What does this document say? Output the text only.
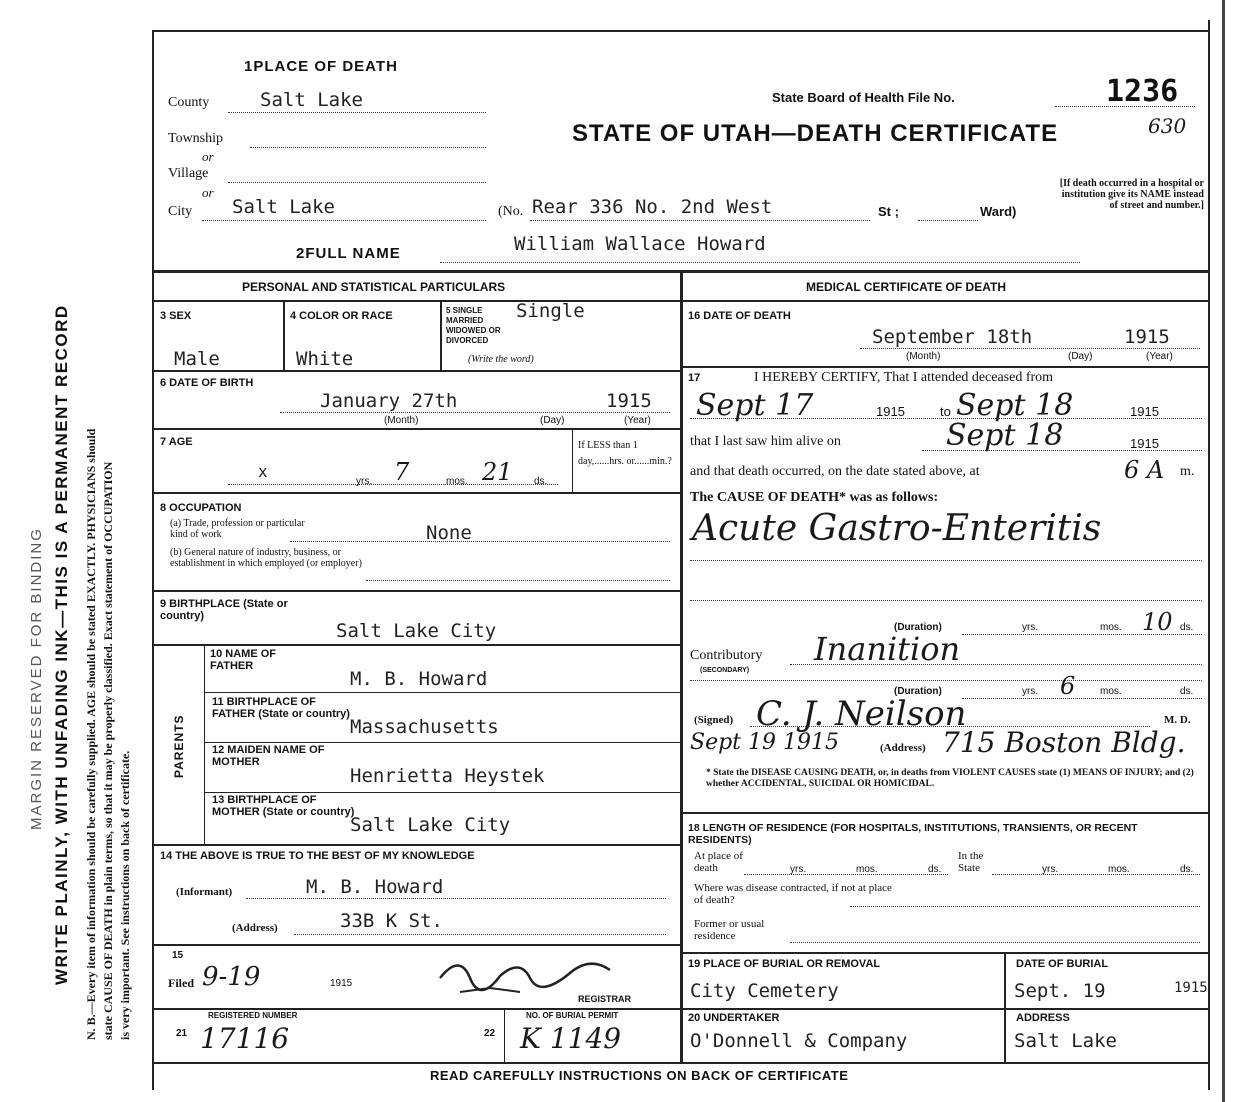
MARGIN RESERVED FOR BINDING WRITE PLAINLY, WITH UNFADING INK—THIS IS A PERMANENT RECORD N. B.—Every item of information should be carefully supplied. AGE should be stated EXACTLY. PHYSICIANS should state CAUSE OF DEATH in plain terms, so that it may be properly classified. Exact statement of OCCUPATION is very important. See instructions on back of certificate.
1PLACE OF DEATH
County	Salt Lake
Township
or
Village
or
City Salt Lake	(No. Rear 336 No. 2nd West	St ;	Ward)
State Board of Health File No.	1236
STATE OF UTAH—DEATH CERTIFICATE	630
[If death occurred in a hospital or institution give its NAME instead of street and number.]
2FULL NAME	William Wallace Howard
PERSONAL AND STATISTICAL PARTICULARS	MEDICAL CERTIFICATE OF DEATH
3 SEX
Male
4 COLOR OR RACE
White
5 SINGLE MARRIED WIDOWED OR DIVORCED
(Write the word)
Single
6 DATE OF BIRTH
January 27th	1915
(Month)	(Day)	(Year)
7 AGE
x
yrs. 7	mos. 21 ds.
If LESS than 1 day,......hrs. or......min.?
8 OCCUPATION
(a) Trade, profession or particular kind of work	None
(b) General nature of industry, business, or establishment in which employed (or employer)
9 BIRTHPLACE (State or country)
Salt Lake City
PARENTS
10 NAME OF FATHER
M. B. Howard
11 BIRTHPLACE OF FATHER (State or country)
Massachusetts
12 MAIDEN NAME OF MOTHER
Henrietta Heystek
13 BIRTHPLACE OF MOTHER (State or country)
Salt Lake City
14 THE ABOVE IS TRUE TO THE BEST OF MY KNOWLEDGE
(Informant)	M. B. Howard
(Address)	33B K St.
15
Filed 9-19	1915
REGISTRAR
REGISTERED NUMBER
21 17116
NO. OF BURIAL PERMIT
22 K 1149
16 DATE OF DEATH
September 18th	1915
(Month)	(Day)	(Year)
17	I HEREBY CERTIFY, That I attended deceased from
Sept 17	1915	to Sept 18	1915
that I last saw him alive on	Sept 18	1915
and that death occurred, on the date stated above, at	6 A m.
The CAUSE OF DEATH* was as follows:
Acute Gastro-Enteritis
(Duration)	yrs.	mos. 10 ds.
Contributory
(SECONDARY)
Inanition
(Duration)	yrs. 6 mos.	ds.
(Signed) C. J. Neilson	M. D.
Sept 19 1915	(Address) 715 Boston Bldg.
* State the DISEASE CAUSING DEATH, or, in deaths from VIOLENT CAUSES state (1) MEANS OF INJURY; and (2) whether ACCIDENTAL, SUICIDAL OR HOMICIDAL.
18 LENGTH OF RESIDENCE (FOR HOSPITALS, INSTITUTIONS, TRANSIENTS, OR RECENT RESIDENTS)
At place of death	yrs.	mos.	ds.
In the State	yrs.	mos.	ds.
Where was disease contracted, if not at place of death?
Former or usual residence
19 PLACE OF BURIAL OR REMOVAL
City Cemetery
DATE OF BURIAL
Sept. 19	1915
20 UNDERTAKER
O'Donnell & Company
ADDRESS
Salt Lake
READ CAREFULLY INSTRUCTIONS ON BACK OF CERTIFICATE
